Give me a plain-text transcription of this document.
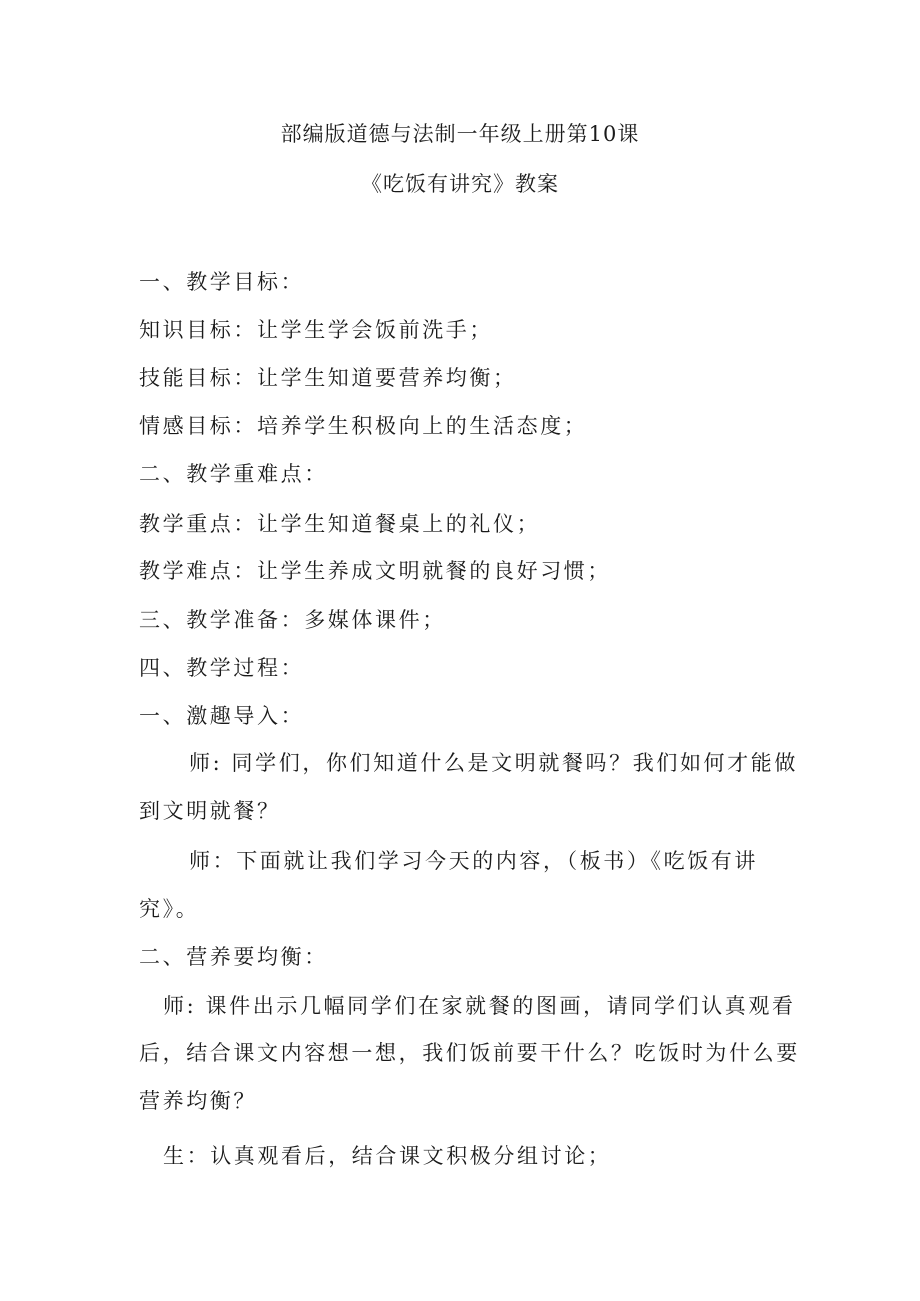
部编版道德与法制一年级上册第10课
《吃饭有讲究》教案
一、教学目标：
知识目标：让学生学会饭前洗手；
技能目标：让学生知道要营养均衡；
情感目标：培养学生积极向上的生活态度；
二、教学重难点：
教学重点：让学生知道餐桌上的礼仪；
教学难点：让学生养成文明就餐的良好习惯；
三、教学准备：多媒体课件；
四、教学过程：
一、激趣导入：
师: 同学们，你们知道什么是文明就餐吗？我们如何才能做
到文明就餐？
师：下面就让我们学习今天的内容，（板书）《吃饭有讲
究》。
二、营养要均衡：
师: 课件出示几幅同学们在家就餐的图画，请同学们认真观看
后，结合课文内容想一想，我们饭前要干什么？吃饭时为什么要
营养均衡？
生：认真观看后，结合课文积极分组讨论；
